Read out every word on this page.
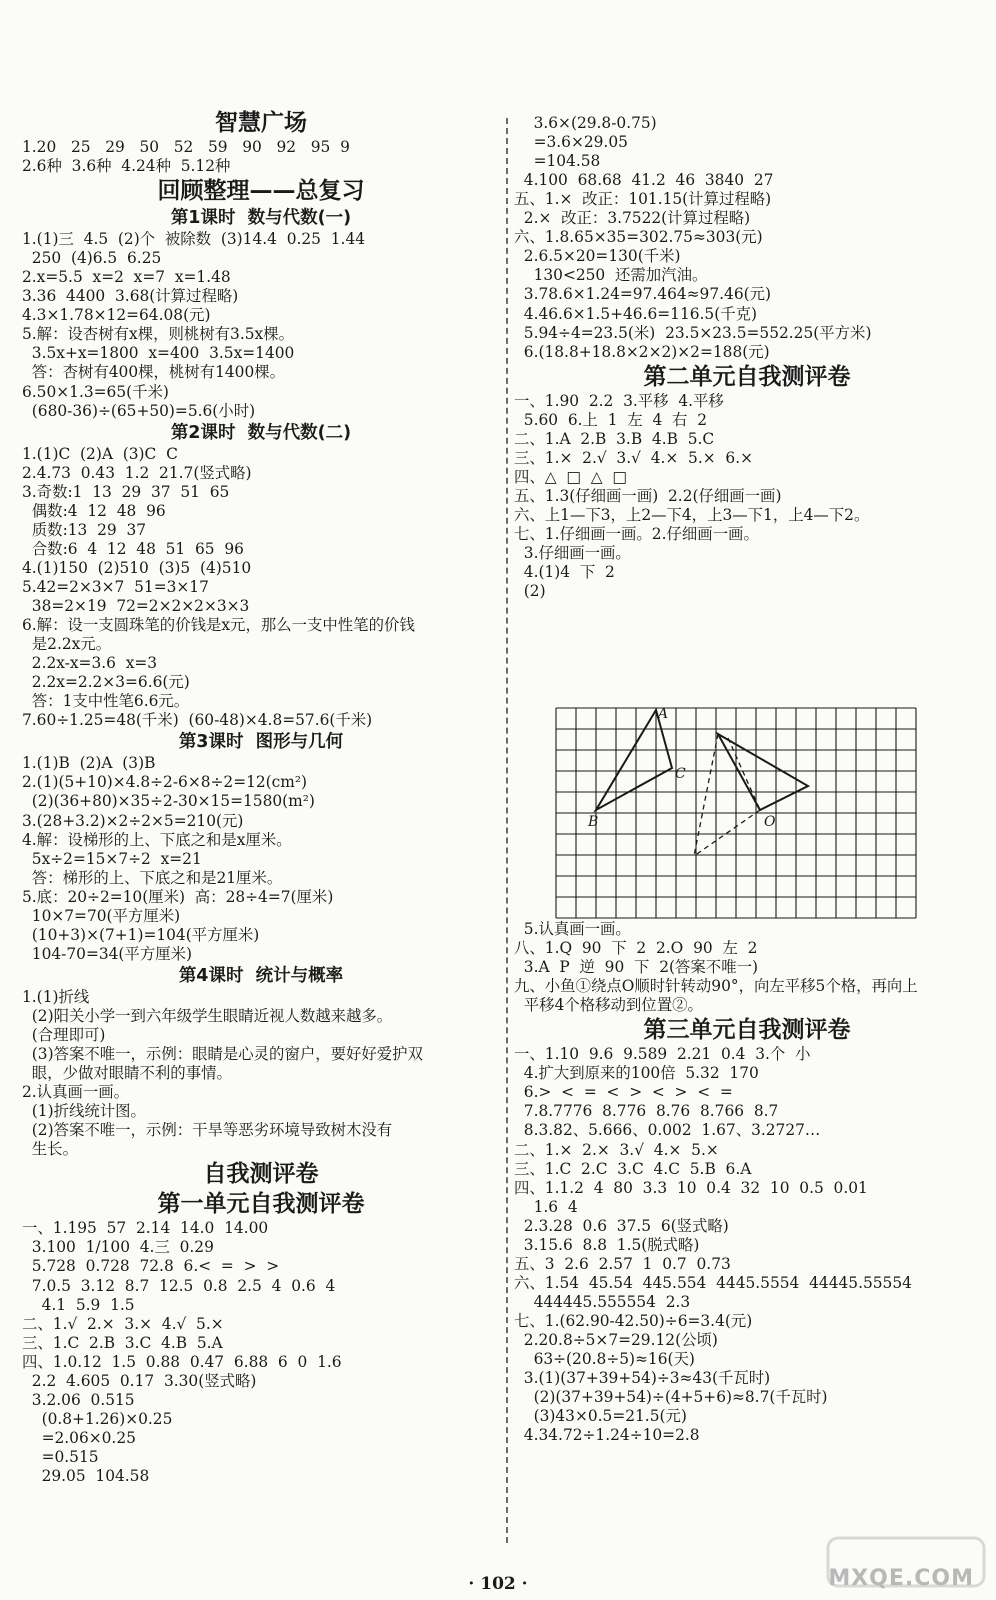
智慧广场
1.20   25   29   50   52   59   90   92   95  9
2.6种  3.6种  4.24种  5.12种
回顾整理——总复习
第1课时  数与代数(一)
1.(1)三  4.5  (2)个  被除数  (3)14.4  0.25  1.44
250  (4)6.5  6.25
2.x=5.5  x=2  x=7  x=1.48
3.36  4400  3.68(计算过程略)
4.3×1.78×12=64.08(元)
5.解：设杏树有x棵，则桃树有3.5x棵。
3.5x+x=1800  x=400  3.5x=1400
答：杏树有400棵，桃树有1400棵。
6.50×1.3=65(千米)
(680-36)÷(65+50)=5.6(小时)
第2课时  数与代数(二)
1.(1)C  (2)A  (3)C  C
2.4.73  0.43  1.2  21.7(竖式略)
3.奇数:1  13  29  37  51  65
偶数:4  12  48  96
质数:13  29  37
合数:6  4  12  48  51  65  96
4.(1)150  (2)510  (3)5  (4)510
5.42=2×3×7  51=3×17
38=2×19  72=2×2×2×3×3
6.解：设一支圆珠笔的价钱是x元，那么一支中性笔的价钱
是2.2x元。
2.2x-x=3.6  x=3
2.2x=2.2×3=6.6(元)
答：1支中性笔6.6元。
7.60÷1.25=48(千米)  (60-48)×4.8=57.6(千米)
第3课时  图形与几何
1.(1)B  (2)A  (3)B
2.(1)(5+10)×4.8÷2-6×8÷2=12(cm²)
(2)(36+80)×35÷2-30×15=1580(m²)
3.(28+3.2)×2÷2×5=210(元)
4.解：设梯形的上、下底之和是x厘米。
5x÷2=15×7÷2  x=21
答：梯形的上、下底之和是21厘米。
5.底：20÷2=10(厘米)  高：28÷4=7(厘米)
10×7=70(平方厘米)
(10+3)×(7+1)=104(平方厘米)
104-70=34(平方厘米)
第4课时  统计与概率
1.(1)折线
(2)阳关小学一到六年级学生眼睛近视人数越来越多。
(合理即可)
(3)答案不唯一，示例：眼睛是心灵的窗户，要好好爱护双
眼，少做对眼睛不利的事情。
2.认真画一画。
(1)折线统计图。
(2)答案不唯一，示例：干旱等恶劣环境导致树木没有
生长。
自我测评卷
第一单元自我测评卷
一、1.195  57  2.14  14.0  14.00
3.100  1/100  4.三  0.29
5.728  0.728  72.8  6.<  =  >  >
7.0.5  3.12  8.7  12.5  0.8  2.5  4  0.6  4
4.1  5.9  1.5
二、1.√  2.×  3.×  4.√  5.×
三、1.C  2.B  3.C  4.B  5.A
四、1.0.12  1.5  0.88  0.47  6.88  6  0  1.6
2.2  4.605  0.17  3.30(竖式略)
3.2.06  0.515
(0.8+1.26)×0.25
=2.06×0.25
=0.515
29.05  104.58
A
B
C
O
3.6×(29.8-0.75)
=3.6×29.05
=104.58
4.100  68.68  41.2  46  3840  27
五、1.×  改正：101.15(计算过程略)
2.×  改正：3.7522(计算过程略)
六、1.8.65×35=302.75≈303(元)
2.6.5×20=130(千米)
130<250  还需加汽油。
3.78.6×1.24=97.464≈97.46(元)
4.46.6×1.5+46.6=116.5(千克)
5.94÷4=23.5(米)  23.5×23.5=552.25(平方米)
6.(18.8+18.8×2×2)×2=188(元)
第二单元自我测评卷
一、1.90  2.2  3.平移  4.平移
5.60  6.上  1  左  4  右  2
二、1.A  2.B  3.B  4.B  5.C
三、1.×  2.√  3.√  4.×  5.×  6.×
四、△  □  △  □
五、1.3(仔细画一画)  2.2(仔细画一画)
六、上1—下3，上2—下4，上3—下1，上4—下2。
七、1.仔细画一画。2.仔细画一画。
3.仔细画一画。
4.(1)4  下  2
(2)
5.认真画一画。
八、1.Q  90  下  2  2.O  90  左  2
3.A  P  逆  90  下  2(答案不唯一)
九、小鱼①绕点O顺时针转动90°，向左平移5个格，再向上
平移4个格移动到位置②。
第三单元自我测评卷
一、1.10  9.6  9.589  2.21  0.4  3.个  小
4.扩大到原来的100倍  5.32  170
6.>  <  =  <  >  <  >  <  =
7.8.7776  8.776  8.76  8.766  8.7
8.3.82、5.666、0.002  1.67、3.2727…
二、1.×  2.×  3.√  4.×  5.×
三、1.C  2.C  3.C  4.C  5.B  6.A
四、1.1.2  4  80  3.3  10  0.4  32  10  0.5  0.01
1.6  4
2.3.28  0.6  37.5  6(竖式略)
3.15.6  8.8  1.5(脱式略)
五、3  2.6  2.57  1  0.7  0.73
六、1.54  45.54  445.554  4445.5554  44445.55554
444445.555554  2.3
七、1.(62.90-42.50)÷6=3.4(元)
2.20.8÷5×7=29.12(公顷)
63÷(20.8÷5)≈16(天)
3.(1)(37+39+54)÷3≈43(千瓦时)
(2)(37+39+54)÷(4+5+6)≈8.7(千瓦时)
(3)43×0.5=21.5(元)
4.34.72÷1.24÷10=2.8
· 102 ·	MXQE.COM
